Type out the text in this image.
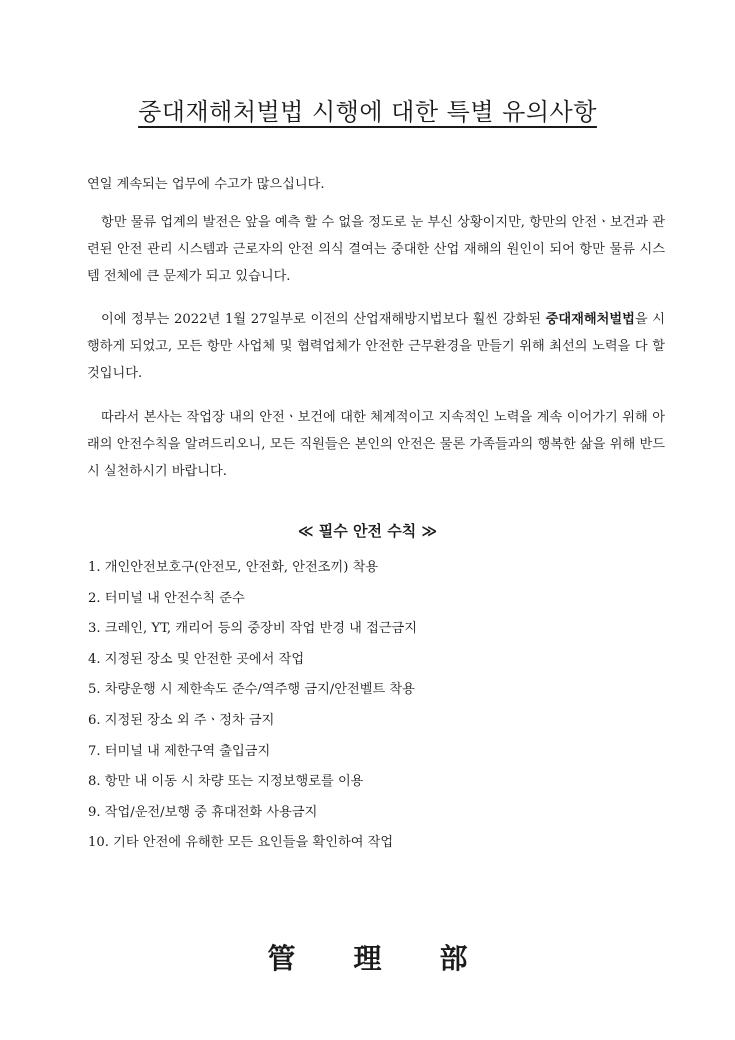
중대재해처벌법 시행에 대한 특별 유의사항
연일 계속되는 업무에 수고가 많으십니다.
항만 물류 업계의 발전은 앞을 예측 할 수 없을 정도로 눈 부신 상황이지만, 항만의 안전ㆍ보건과 관련된 안전 관리 시스템과 근로자의 안전 의식 결여는 중대한 산업 재해의 원인이 되어 항만 물류 시스템 전체에 큰 문제가 되고 있습니다.
이에 정부는 2022년 1월 27일부로 이전의 산업재해방지법보다 훨씬 강화된 중대재해처벌법을 시행하게 되었고, 모든 항만 사업체 및 협력업체가 안전한 근무환경을 만들기 위해 최선의 노력을 다 할 것입니다.
따라서 본사는 작업장 내의 안전ㆍ보건에 대한 체계적이고 지속적인 노력을 계속 이어가기 위해 아래의 안전수칙을 알려드리오니, 모든 직원들은 본인의 안전은 물론 가족들과의 행복한 삶을 위해 반드시 실천하시기 바랍니다.
≪ 필수 안전 수칙 ≫
1. 개인안전보호구(안전모, 안전화, 안전조끼) 착용
2. 터미널 내 안전수칙 준수
3. 크레인, YT, 캐리어 등의 중장비 작업 반경 내 접근금지
4. 지정된 장소 및 안전한 곳에서 작업
5. 차량운행 시 제한속도 준수/역주행 금지/안전벨트 착용
6. 지정된 장소 외 주ㆍ정차 금지
7. 터미널 내 제한구역 출입금지
8. 항만 내 이동 시 차량 또는 지정보행로를 이용
9. 작업/운전/보행 중 휴대전화 사용금지
10. 기타 안전에 유해한 모든 요인들을 확인하여 작업
管理部
